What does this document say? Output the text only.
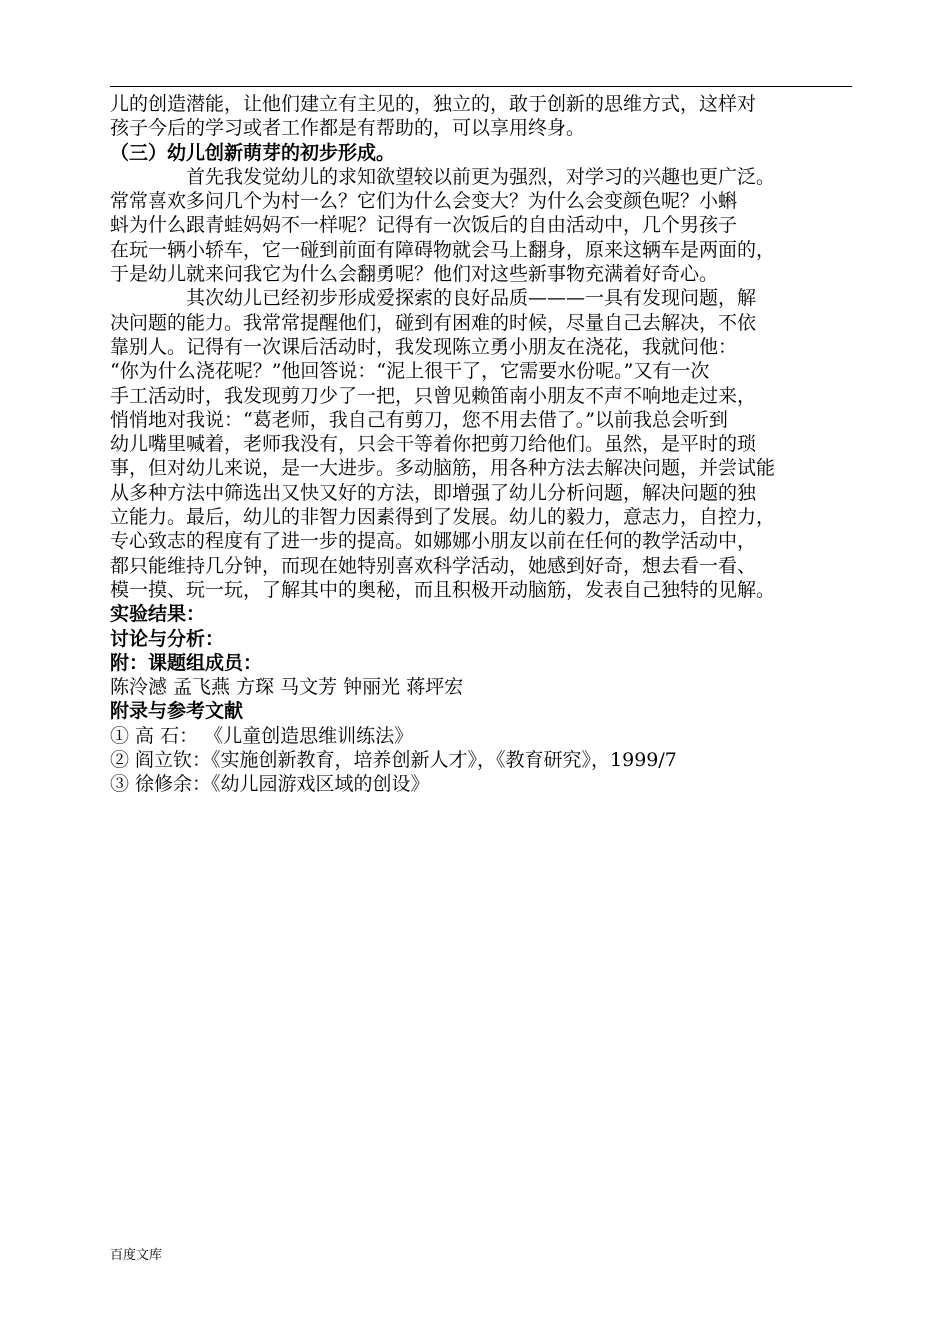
儿的创造潜能，让他们建立有主见的，独立的，敢于创新的思维方式，这样对
孩子今后的学习或者工作都是有帮助的，可以享用终身。
（三）幼儿创新萌芽的初步形成。
首先我发觉幼儿的求知欲望较以前更为强烈，对学习的兴趣也更广泛。
常常喜欢多问几个为村一么？它们为什么会变大？为什么会变颜色呢？小蝌
蚪为什么跟青蛙妈妈不一样呢？记得有一次饭后的自由活动中，几个男孩子
在玩一辆小轿车，它一碰到前面有障碍物就会马上翻身，原来这辆车是两面的，
于是幼儿就来问我它为什么会翻勇呢？他们对这些新事物充满着好奇心。
其次幼儿已经初步形成爱探索的良好品质———一具有发现问题，解
决问题的能力。我常常提醒他们，碰到有困难的时候，尽量自己去解决，不依
靠别人。记得有一次课后活动时，我发现陈立勇小朋友在浇花，我就问他：
“你为什么浇花呢？”他回答说：“泥上很干了，它需要水份呢。”又有一次
手工活动时，我发现剪刀少了一把，只曾见赖笛南小朋友不声不响地走过来，
悄悄地对我说：“葛老师，我自己有剪刀，您不用去借了。”以前我总会听到
幼儿嘴里喊着，老师我没有，只会干等着你把剪刀给他们。虽然，是平时的琐
事，但对幼儿来说，是一大进步。多动脑筋，用各种方法去解决问题，并尝试能
从多种方法中筛选出又快又好的方法，即增强了幼儿分析问题，解决问题的独
立能力。最后，幼儿的非智力因素得到了发展。幼儿的毅力，意志力，自控力，
专心致志的程度有了进一步的提高。如娜娜小朋友以前在任何的教学活动中，
都只能维持几分钟，而现在她特别喜欢科学活动，她感到好奇，想去看一看、
模一摸、玩一玩，了解其中的奥秘，而且积极开动脑筋，发表自己独特的见解。
实验结果：
讨论与分析：
附：课题组成员：
陈泠澸 孟飞燕 方琛 马文芳 钟丽光 蒋坪宏
附录与参考文献
① 高 石： 《儿童创造思维训练法》
② 阎立钦：《实施创新教育，培养创新人才》，《教育研究》，1999/7
③ 徐修余：《幼儿园游戏区域的创设》
百度文库
